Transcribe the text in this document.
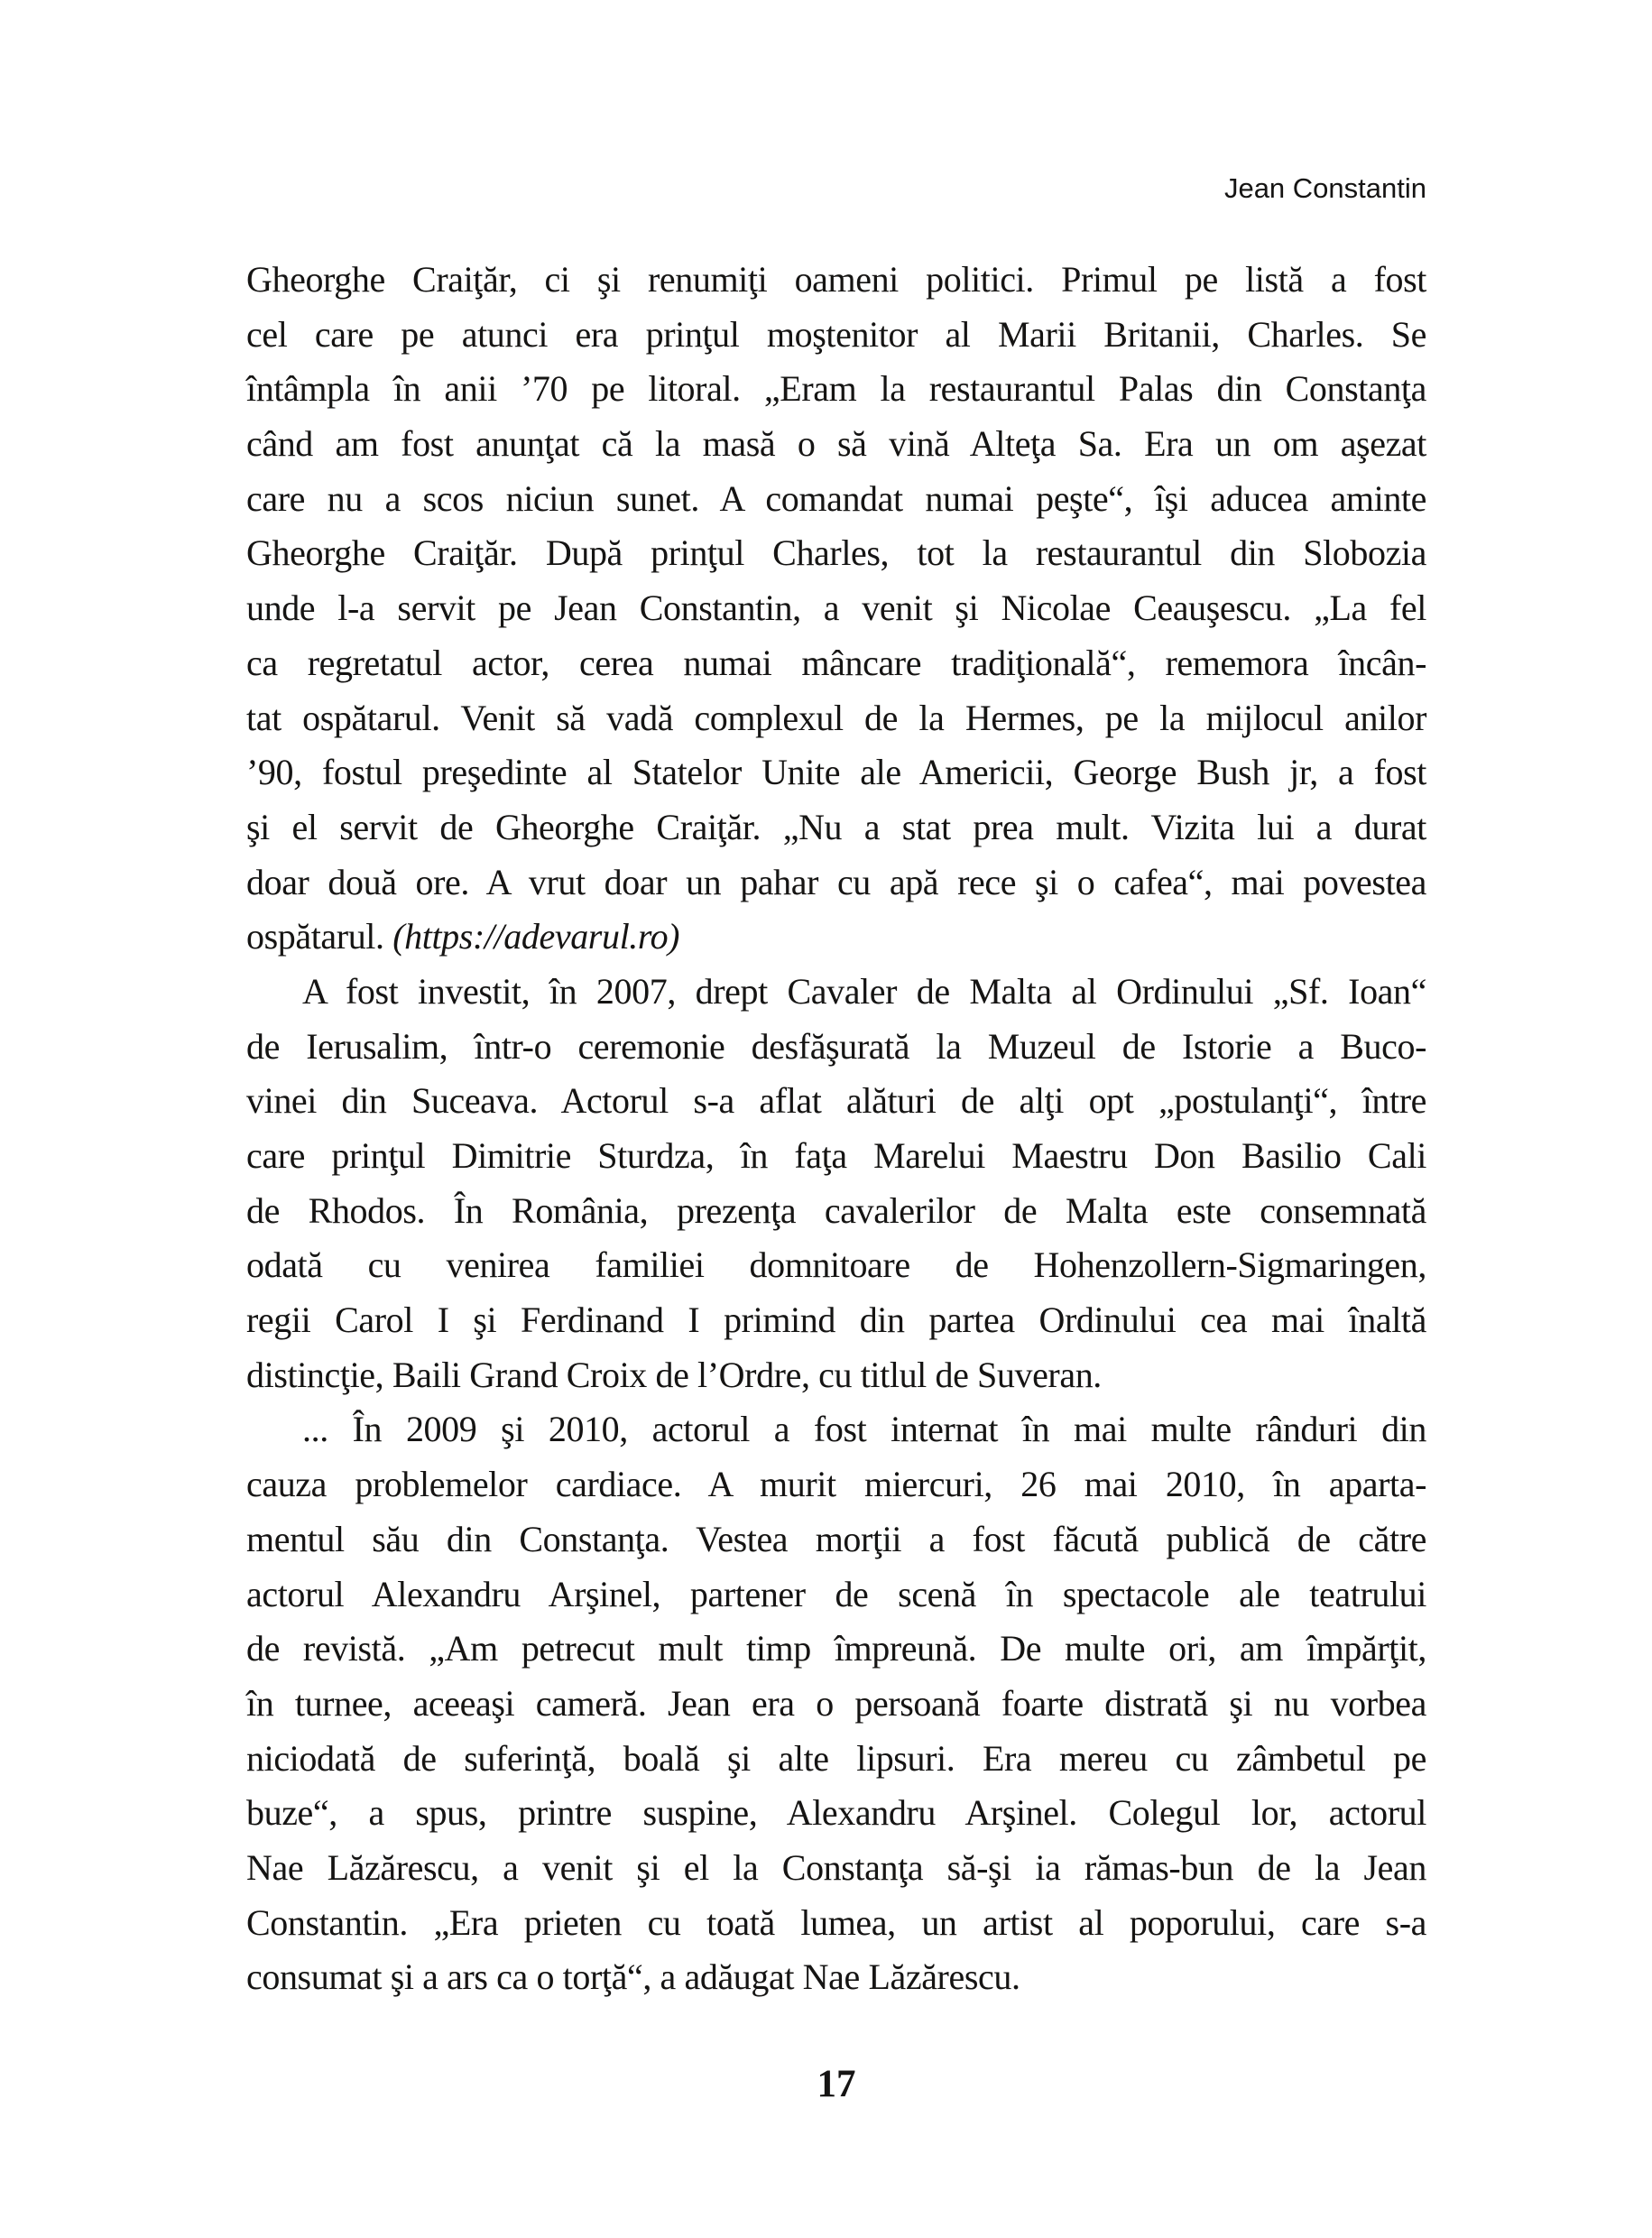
Jean Constantin
Gheorghe Craiţăr, ci şi renumiţi oameni politici. Primul pe listă a fost
cel care pe atunci era prinţul moştenitor al Marii Britanii, Charles. Se
întâmpla în anii ’70 pe litoral. „Eram la restaurantul Palas din Constanţa
când am fost anunţat că la masă o să vină Alteţa Sa. Era un om aşezat
care nu a scos niciun sunet. A comandat numai peşte“, îşi aducea aminte
Gheorghe Craiţăr. După prinţul Charles, tot la restaurantul din Slobozia
unde l-a servit pe Jean Constantin, a venit şi Nicolae Ceauşescu. „La fel
ca regretatul actor, cerea numai mâncare tradiţională“, rememora încân-
tat ospătarul. Venit să vadă complexul de la Hermes, pe la mijlocul anilor
’90, fostul preşedinte al Statelor Unite ale Americii, George Bush jr, a fost
şi el servit de Gheorghe Craiţăr. „Nu a stat prea mult. Vizita lui a durat
doar două ore. A vrut doar un pahar cu apă rece şi o cafea“, mai povestea
ospătarul. (https://adevarul.ro)
A fost investit, în 2007, drept Cavaler de Malta al Ordinului „Sf. Ioan“
de Ierusalim, într-o ceremonie desfăşurată la Muzeul de Istorie a Buco-
vinei din Suceava. Actorul s-a aflat alături de alţi opt „postulanţi“, între
care prinţul Dimitrie Sturdza, în faţa Marelui Maestru Don Basilio Cali
de Rhodos. În România, prezenţa cavalerilor de Malta este consemnată
odată cu venirea familiei domnitoare de Hohenzollern-Sigmaringen,
regii Carol I şi Ferdinand I primind din partea Ordinului cea mai înaltă
distincţie, Baili Grand Croix de l’Ordre, cu titlul de Suveran.
... În 2009 şi 2010, actorul a fost internat în mai multe rânduri din
cauza problemelor cardiace. A murit miercuri, 26 mai 2010, în aparta-
mentul său din Constanţa. Vestea morţii a fost făcută publică de către
actorul Alexandru Arşinel, partener de scenă în spectacole ale teatrului
de revistă. „Am petrecut mult timp împreună. De multe ori, am împărţit,
în turnee, aceeaşi cameră. Jean era o persoană foarte distrată şi nu vorbea
niciodată de suferinţă, boală şi alte lipsuri. Era mereu cu zâmbetul pe
buze“, a spus, printre suspine, Alexandru Arşinel. Colegul lor, actorul
Nae Lăzărescu, a venit şi el la Constanţa să-şi ia rămas-bun de la Jean
Constantin. „Era prieten cu toată lumea, un artist al poporului, care s-a
consumat şi a ars ca o torţă“, a adăugat Nae Lăzărescu.
17
